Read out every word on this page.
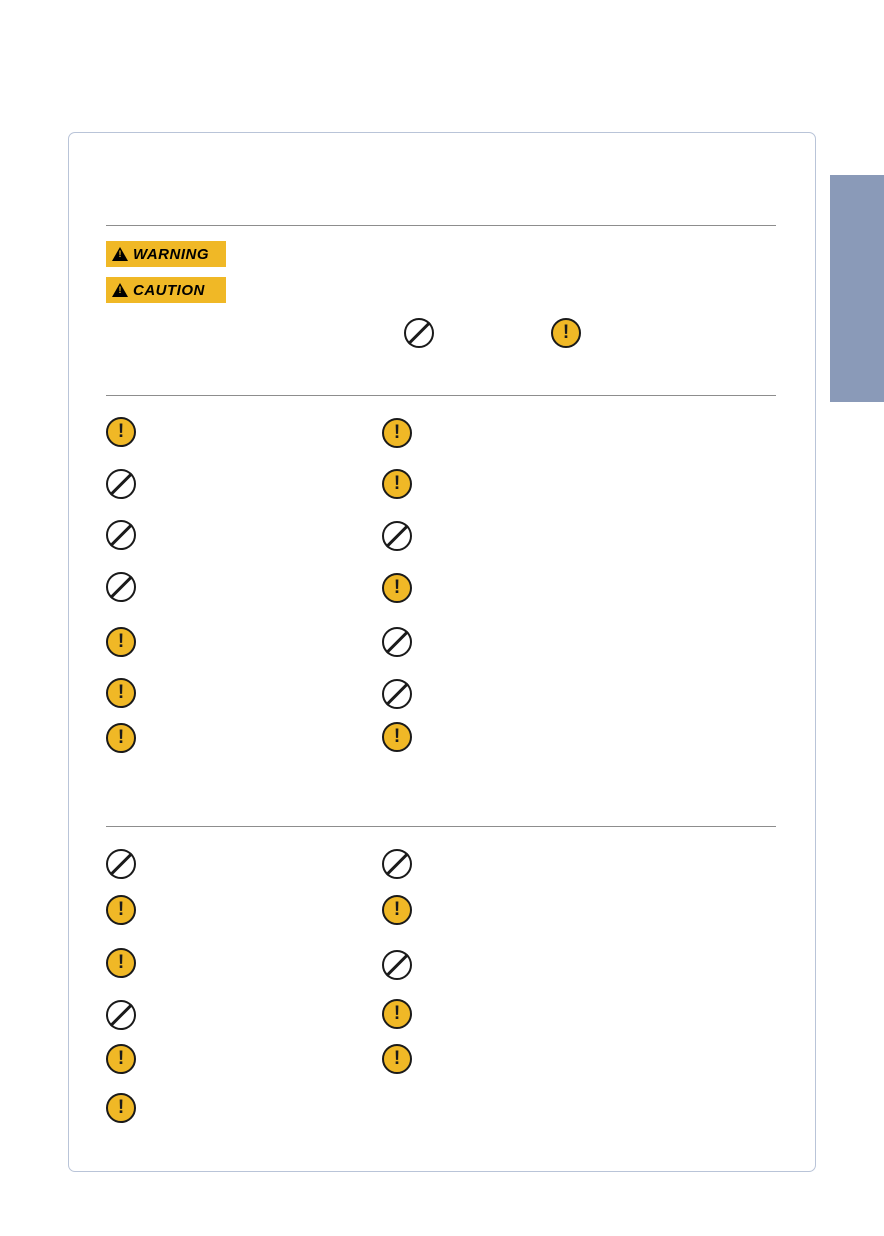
!
WARNING
!
CAUTION
!
!
!
!
!
!
!
!
!
!
!
!
!
!
!
!
